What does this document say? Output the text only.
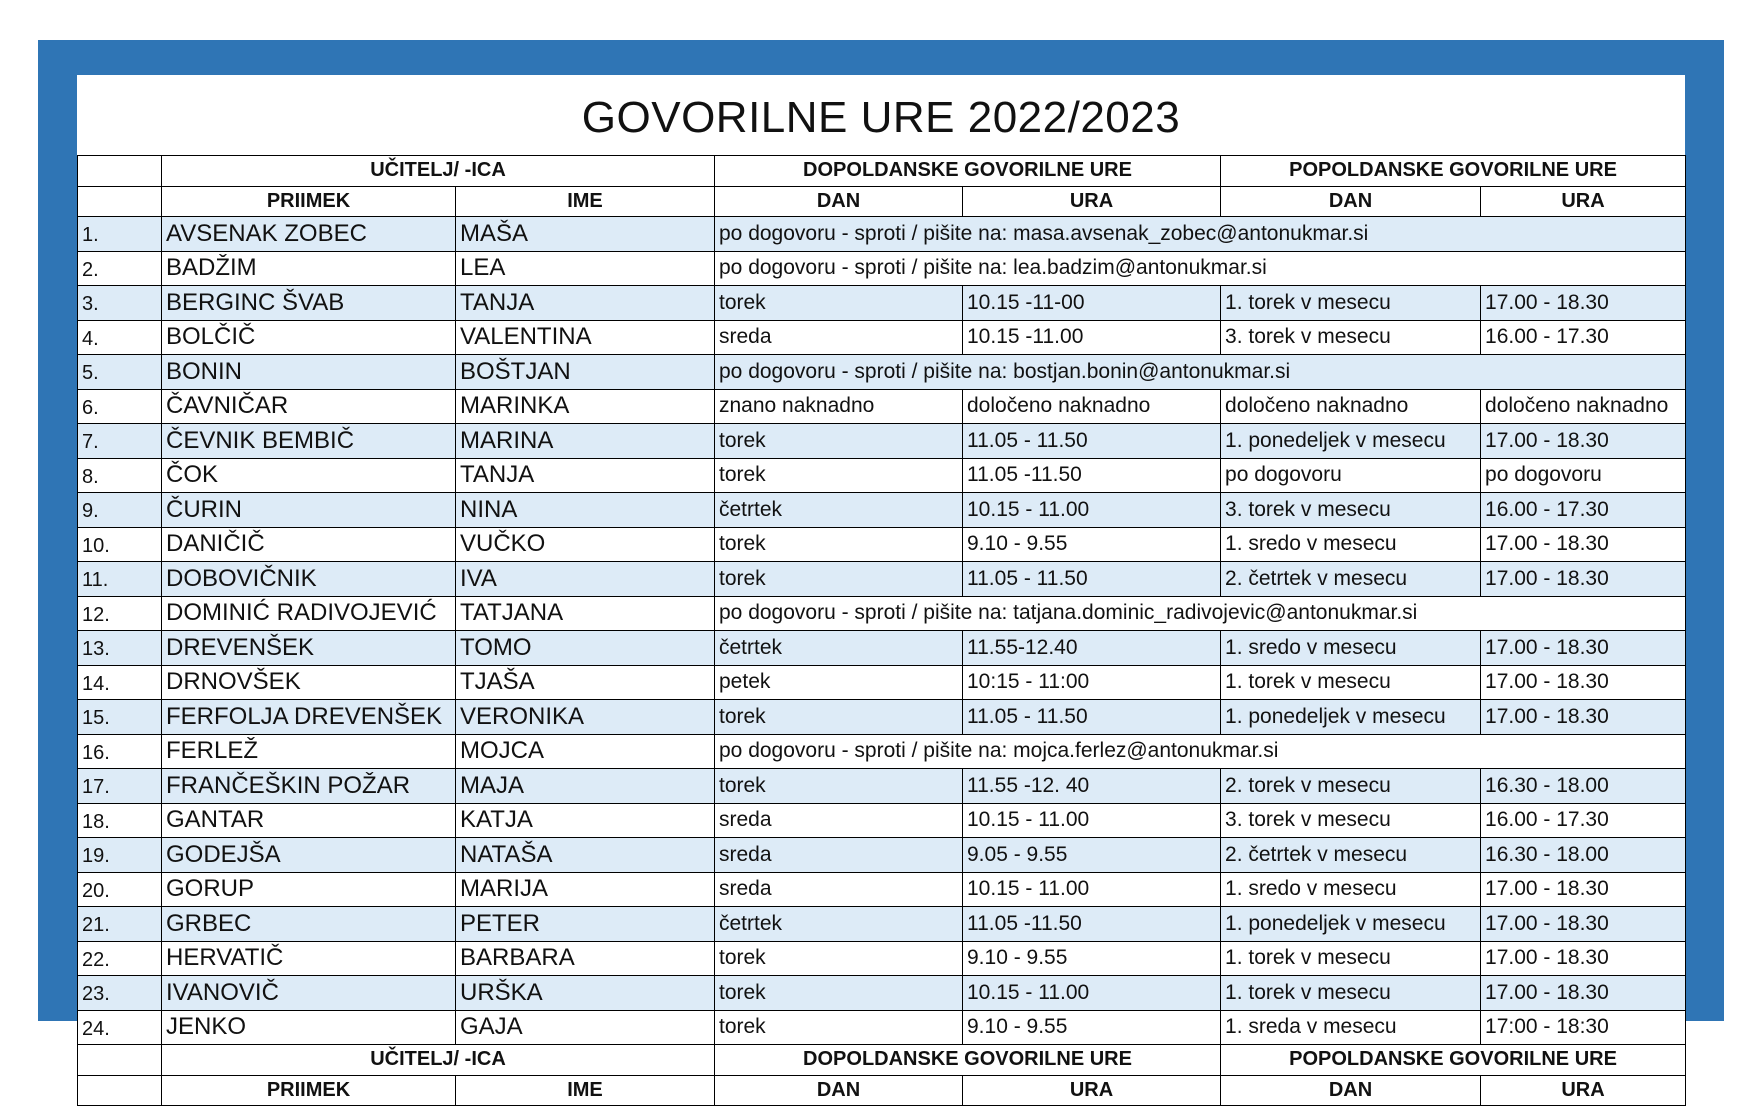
GOVORILNE URE 2022/2023
	UČITELJ/ -ICA		DOPOLDANSKE GOVORILNE URE		POPOLDANSKE GOVORILNE URE	
	PRIIMEK	IME	DAN	URA	DAN	URA
1.	AVSENAK ZOBEC	MAŠA	po dogovoru - sproti / pišite na: masa.avsenak_zobec@antonukmar.si			
2.	BADŽIM	LEA	po dogovoru - sproti / pišite na: lea.badzim@antonukmar.si			
3.	BERGINC ŠVAB	TANJA	torek	10.15 -11-00	1. torek v mesecu	17.00 - 18.30
4.	BOLČIČ	VALENTINA	sreda	10.15 -11.00	3. torek v mesecu	16.00 - 17.30
5.	BONIN	BOŠTJAN	po dogovoru - sproti / pišite na: bostjan.bonin@antonukmar.si			
6.	ČAVNIČAR	MARINKA	znano naknadno	določeno naknadno	določeno naknadno	določeno naknadno
7.	ČEVNIK BEMBIČ	MARINA	torek	11.05 - 11.50	1. ponedeljek v mesecu	17.00 - 18.30
8.	ČOK	TANJA	torek	11.05 -11.50	po dogovoru	po dogovoru
9.	ČURIN	NINA	četrtek	10.15 - 11.00	3. torek v mesecu	16.00 - 17.30
10.	DANIČIČ	VUČKO	torek	9.10 - 9.55	1. sredo v mesecu	17.00 - 18.30
11.	DOBOVIČNIK	IVA	torek	11.05 - 11.50	2. četrtek v mesecu	17.00 - 18.30
12.	DOMINIĆ RADIVOJEVIĆ	TATJANA	po dogovoru - sproti / pišite na: tatjana.dominic_radivojevic@antonukmar.si			
13.	DREVENŠEK	TOMO	četrtek	11.55-12.40	1. sredo v mesecu	17.00 - 18.30
14.	DRNOVŠEK	TJAŠA	petek	10:15 - 11:00	1. torek v mesecu	17.00 - 18.30
15.	FERFOLJA DREVENŠEK	VERONIKA	torek	11.05 - 11.50	1. ponedeljek v mesecu	17.00 - 18.30
16.	FERLEŽ	MOJCA	po dogovoru - sproti / pišite na: mojca.ferlez@antonukmar.si			
17.	FRANČEŠKIN POŽAR	MAJA	torek	11.55 -12. 40	2. torek v mesecu	16.30 - 18.00
18.	GANTAR	KATJA	sreda	10.15 - 11.00	3. torek v mesecu	16.00 - 17.30
19.	GODEJŠA	NATAŠA	sreda	9.05 - 9.55	2. četrtek v mesecu	16.30 - 18.00
20.	GORUP	MARIJA	sreda	10.15 - 11.00	1. sredo v mesecu	17.00 - 18.30
21.	GRBEC	PETER	četrtek	11.05 -11.50	1. ponedeljek v mesecu	17.00 - 18.30
22.	HERVATIČ	BARBARA	torek	9.10 - 9.55	1. torek v mesecu	17.00 - 18.30
23.	IVANOVIČ	URŠKA	torek	10.15 - 11.00	1. torek v mesecu	17.00 - 18.30
24.	JENKO	GAJA	torek	9.10 - 9.55	1. sreda v mesecu	17:00 - 18:30
	UČITELJ/ -ICA		DOPOLDANSKE GOVORILNE URE		POPOLDANSKE GOVORILNE URE	
	PRIIMEK	IME	DAN	URA	DAN	URA
